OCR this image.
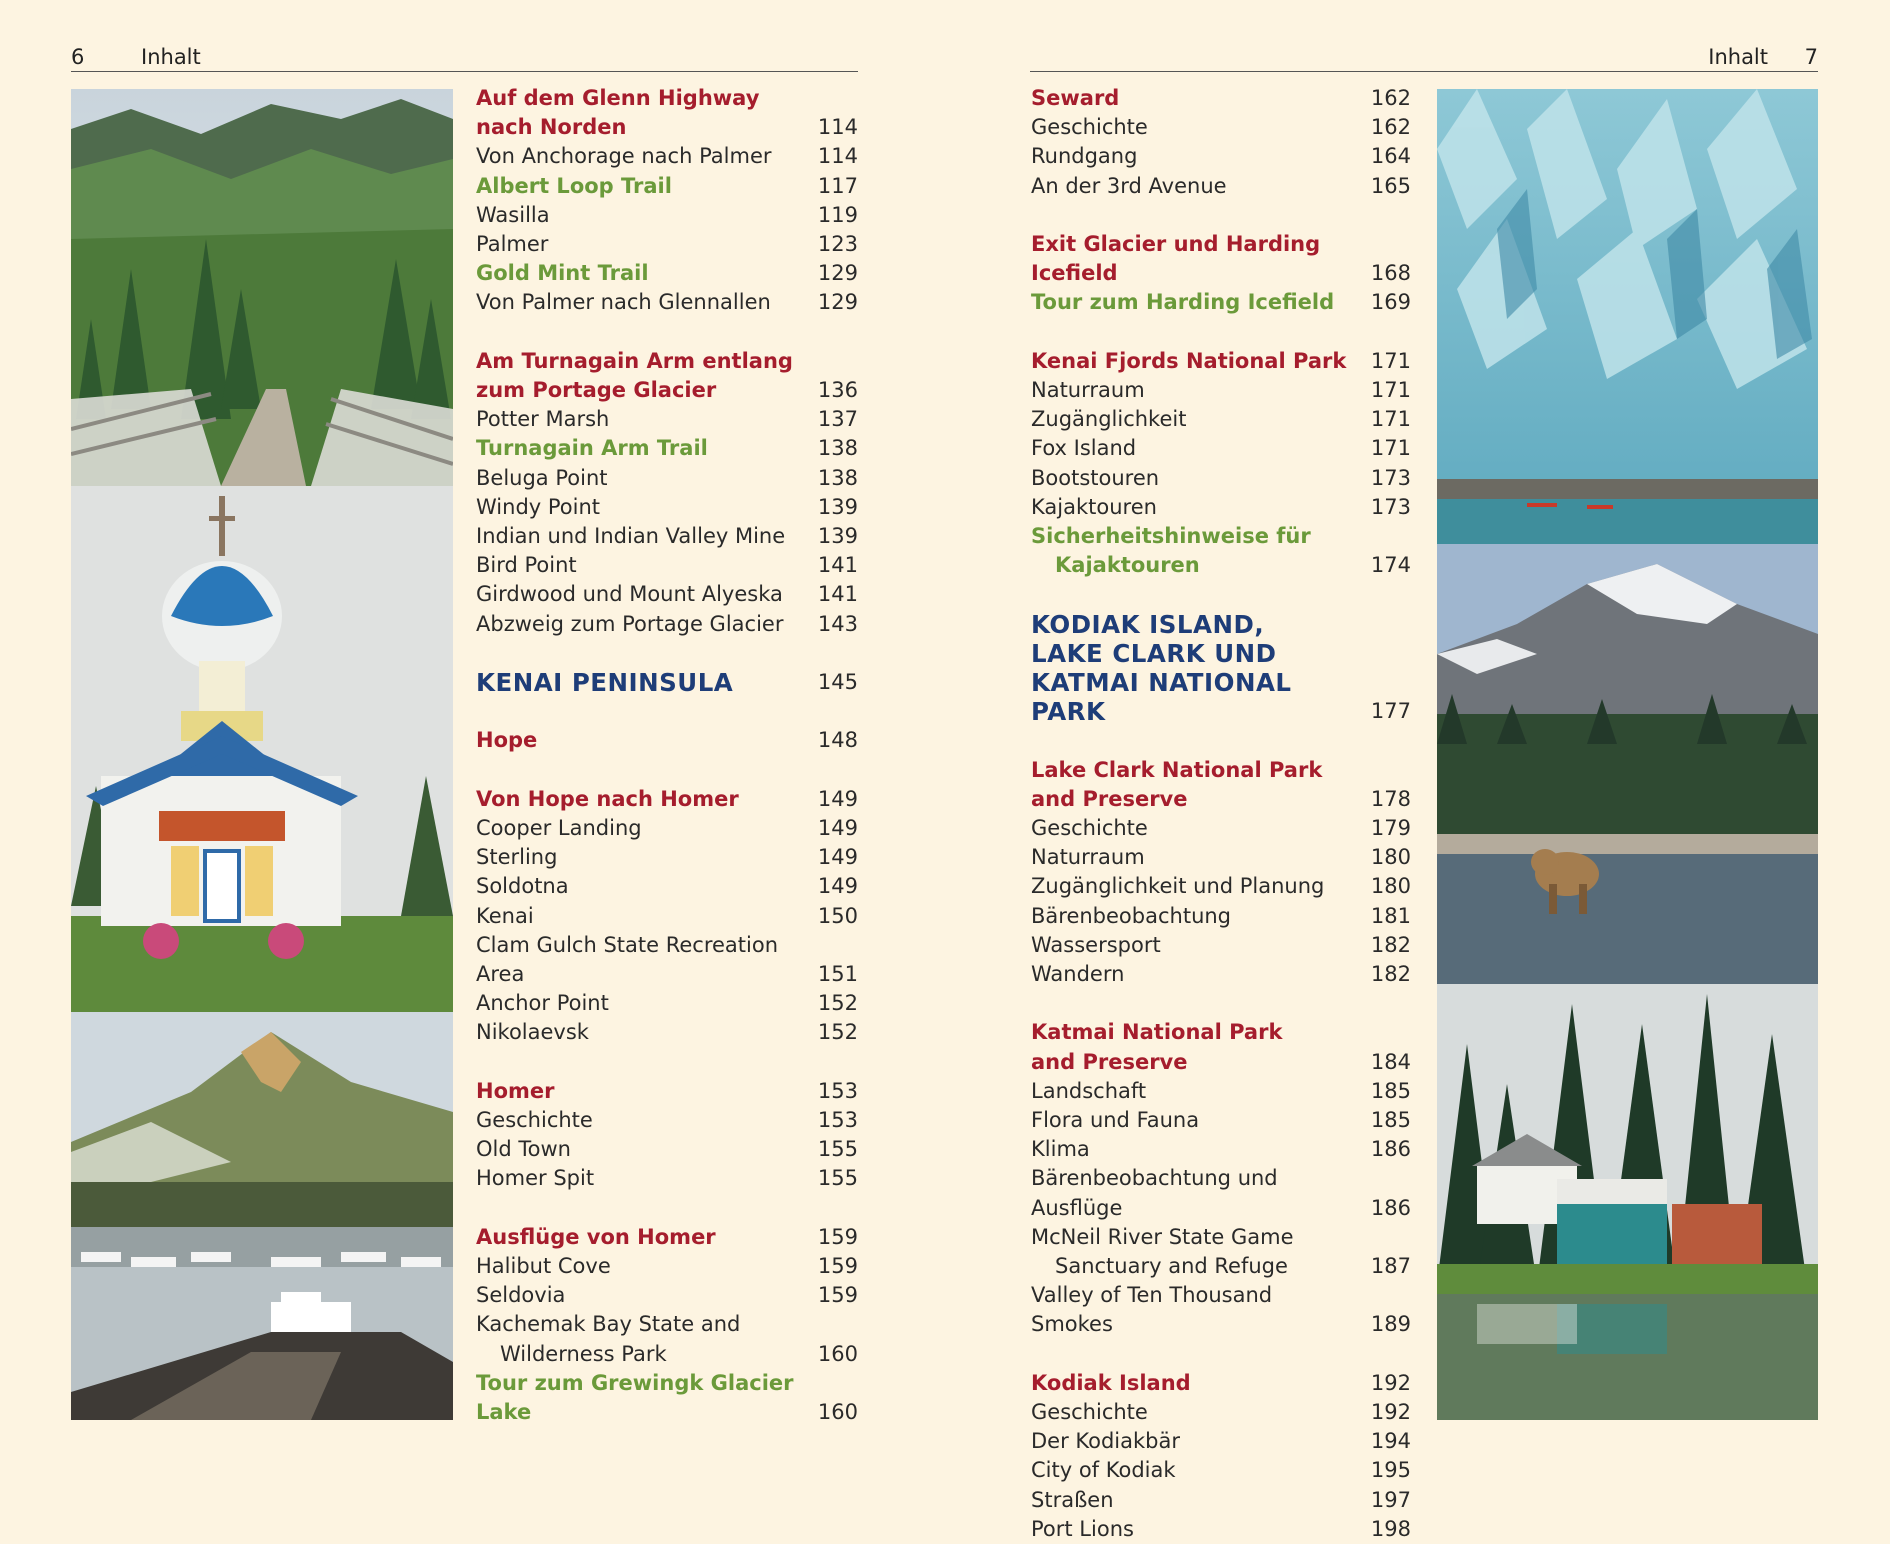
6	Inhalt
Auf dem Glenn Highway
nach Norden	114
Von Anchorage nach Palmer	114
Albert Loop Trail	117
Wasilla	119
Palmer	123
Gold Mint Trail	129
Von Palmer nach Glennallen	129
Am Turnagain Arm entlang
zum Portage Glacier	136
Potter Marsh	137
Turnagain Arm Trail	138
Beluga Point	138
Windy Point	139
Indian und Indian Valley Mine	139
Bird Point	141
Girdwood und Mount Alyeska	141
Abzweig zum Portage Glacier	143
KENAI PENINSULA	145
Hope	148
Von Hope nach Homer	149
Cooper Landing	149
Sterling	149
Soldotna	149
Kenai	150
Clam Gulch State Recreation Area	151
Anchor Point	152
Nikolaevsk	152
Homer	153
Geschichte	153
Old Town	155
Homer Spit	155
Ausflüge von Homer	159
Halibut Cove	159
Seldovia	159
Kachemak Bay State and
Wilderness Park	160
Tour zum Grewingk Glacier Lake	160
Inhalt 7
Seward	162
Geschichte	162
Rundgang	164
An der 3rd Avenue	165
Exit Glacier und Harding Icefield	168
Tour zum Harding Icefield	169
Kenai Fjords National Park	171
Naturraum	171
Zugänglichkeit	171
Fox Island	171
Bootstouren	173
Kajaktouren	173
Sicherheitshinweise für
Kajaktouren	174
KODIAK ISLAND,
LAKE CLARK UND
KATMAI NATIONAL PARK	177
Lake Clark National Park
and Preserve	178
Geschichte	179
Naturraum	180
Zugänglichkeit und Planung	180
Bärenbeobachtung	181
Wassersport	182
Wandern	182
Katmai National Park
and Preserve	184
Landschaft	185
Flora und Fauna	185
Klima	186
Bärenbeobachtung und Ausflüge	186
McNeil River State Game
Sanctuary and Refuge	187
Valley of Ten Thousand Smokes	189
Kodiak Island	192
Geschichte	192
Der Kodiakbär	194
City of Kodiak	195
Straßen	197
Port Lions	198
